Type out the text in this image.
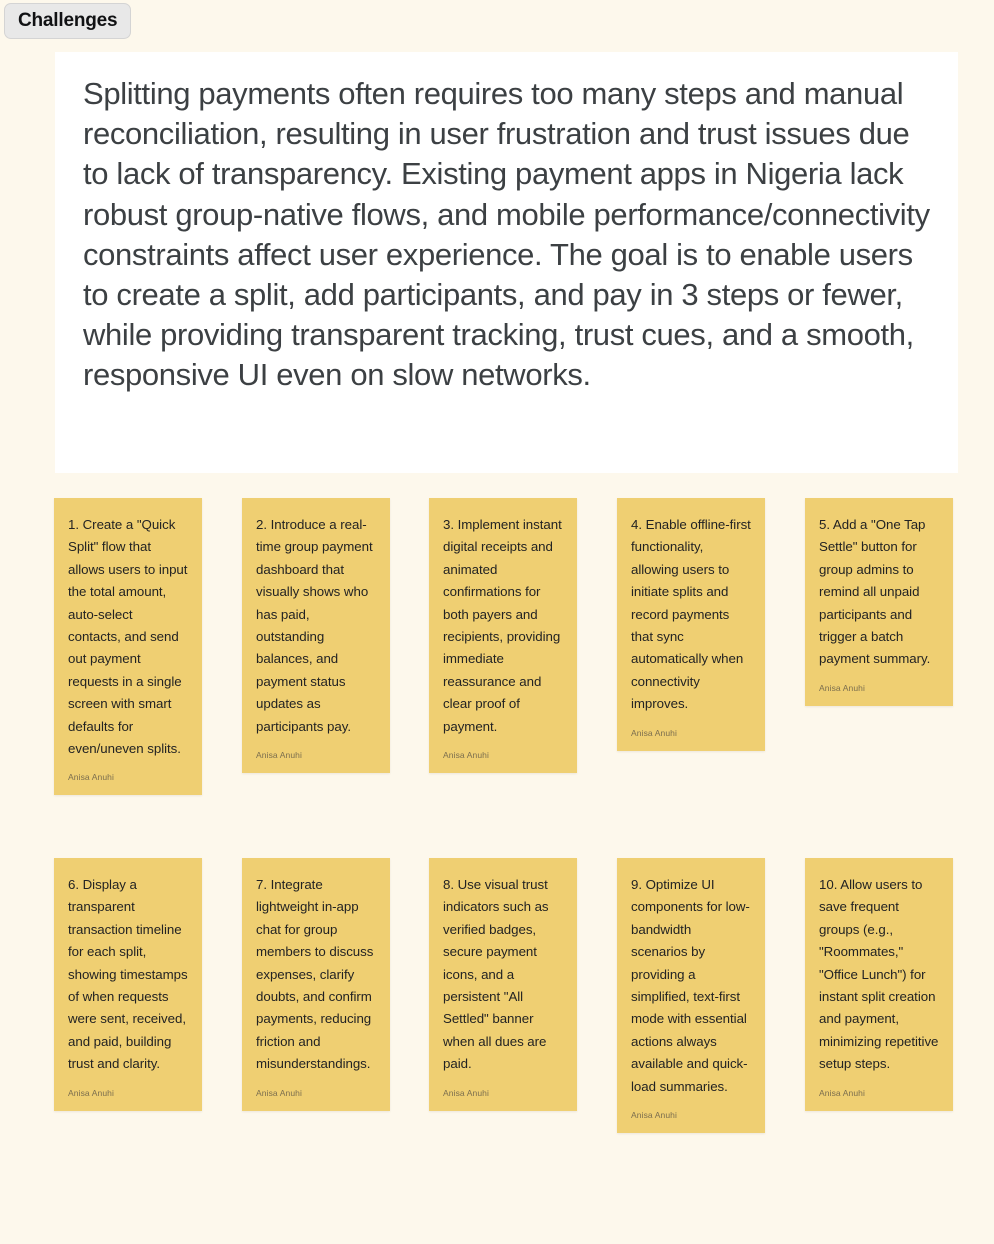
Challenges
Splitting payments often requires too many steps and manual reconciliation, resulting in user frustration and trust issues due to lack of transparency. Existing payment apps in Nigeria lack robust group-native flows, and mobile performance/connectivity constraints affect user experience. The goal is to enable users to create a split, add participants, and pay in 3 steps or fewer, while providing transparent tracking, trust cues, and a smooth, responsive UI even on slow networks.
1. Create a "Quick Split" flow that allows users to input the total amount, auto-select contacts, and send out payment requests in a single screen with smart defaults for even/uneven splits.
Anisa Anuhi
2. Introduce a real-time group payment dashboard that visually shows who has paid, outstanding balances, and payment status updates as participants pay.
Anisa Anuhi
3. Implement instant digital receipts and animated confirmations for both payers and recipients, providing immediate reassurance and clear proof of payment.
Anisa Anuhi
4. Enable offline-first functionality, allowing users to initiate splits and record payments that sync automatically when connectivity improves.
Anisa Anuhi
5. Add a "One Tap Settle" button for group admins to remind all unpaid participants and trigger a batch payment summary.
Anisa Anuhi
6. Display a transparent transaction timeline for each split, showing timestamps of when requests were sent, received, and paid, building trust and clarity.
Anisa Anuhi
7. Integrate lightweight in-app chat for group members to discuss expenses, clarify doubts, and confirm payments, reducing friction and misunderstandings.
Anisa Anuhi
8. Use visual trust indicators such as verified badges, secure payment icons, and a persistent "All Settled" banner when all dues are paid.
Anisa Anuhi
9. Optimize UI components for low-bandwidth scenarios by providing a simplified, text-first mode with essential actions always available and quick-load summaries.
Anisa Anuhi
10. Allow users to save frequent groups (e.g., "Roommates," "Office Lunch") for instant split creation and payment, minimizing repetitive setup steps.
Anisa Anuhi
